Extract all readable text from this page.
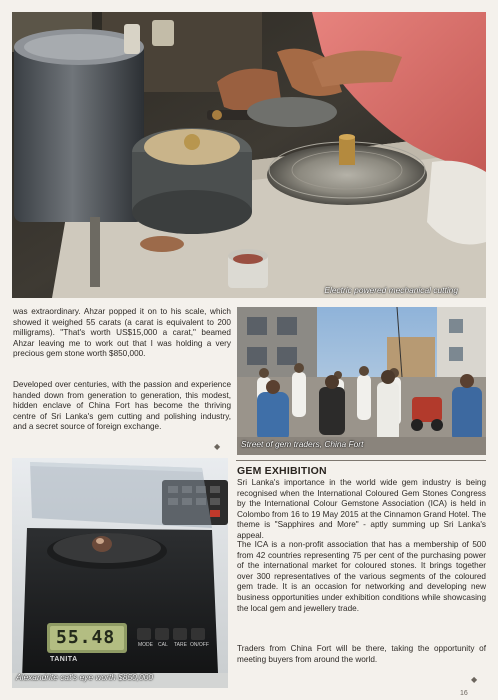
Electric powered mechanical cutting

was extraordinary. Ahzar popped it on to his scale, which showed it weighed 55 carats (a carat is equivalent to 200 milligrams). "That's worth US$15,000 a carat," beamed Ahzar leaving me to work out that I was holding a very precious gem stone worth $850,000.

Developed over centuries, with the passion and experience handed down from generation to generation, this modest, hidden enclave of China Fort has become the thriving centre of Sri Lanka's gem cutting and polishing industry, and a secret source of foreign exchange.

◆ Street of gem traders, China Fort
55.48
TANITA
MODE CAL TARE ON/OFF
Alexandrite cat's eye worth $850,000
GEM EXHIBITION

Sri Lanka's importance in the world wide gem industry is being recognised when the International Coloured Gem Stones Congress by the International Colour Gemstone Association (ICA) is held in Colombo from 16 to 19 May 2015 at the Cinnamon Grand Hotel. The theme is "Sapphires and More" - aptly summing up Sri Lanka's appeal.

The ICA is a non-profit association that has a membership of 500 from 42 countries representing 75 per cent of the purchasing power of the international market for coloured stones. It brings together over 300 representatives of the various segments of the coloured gem trade. It is an occasion for networking and developing new business opportunities under exhibition conditions while showcasing the local gem and jewellery trade.

Traders from China Fort will be there, taking the opportunity of meeting buyers from around the world.

◆
16
